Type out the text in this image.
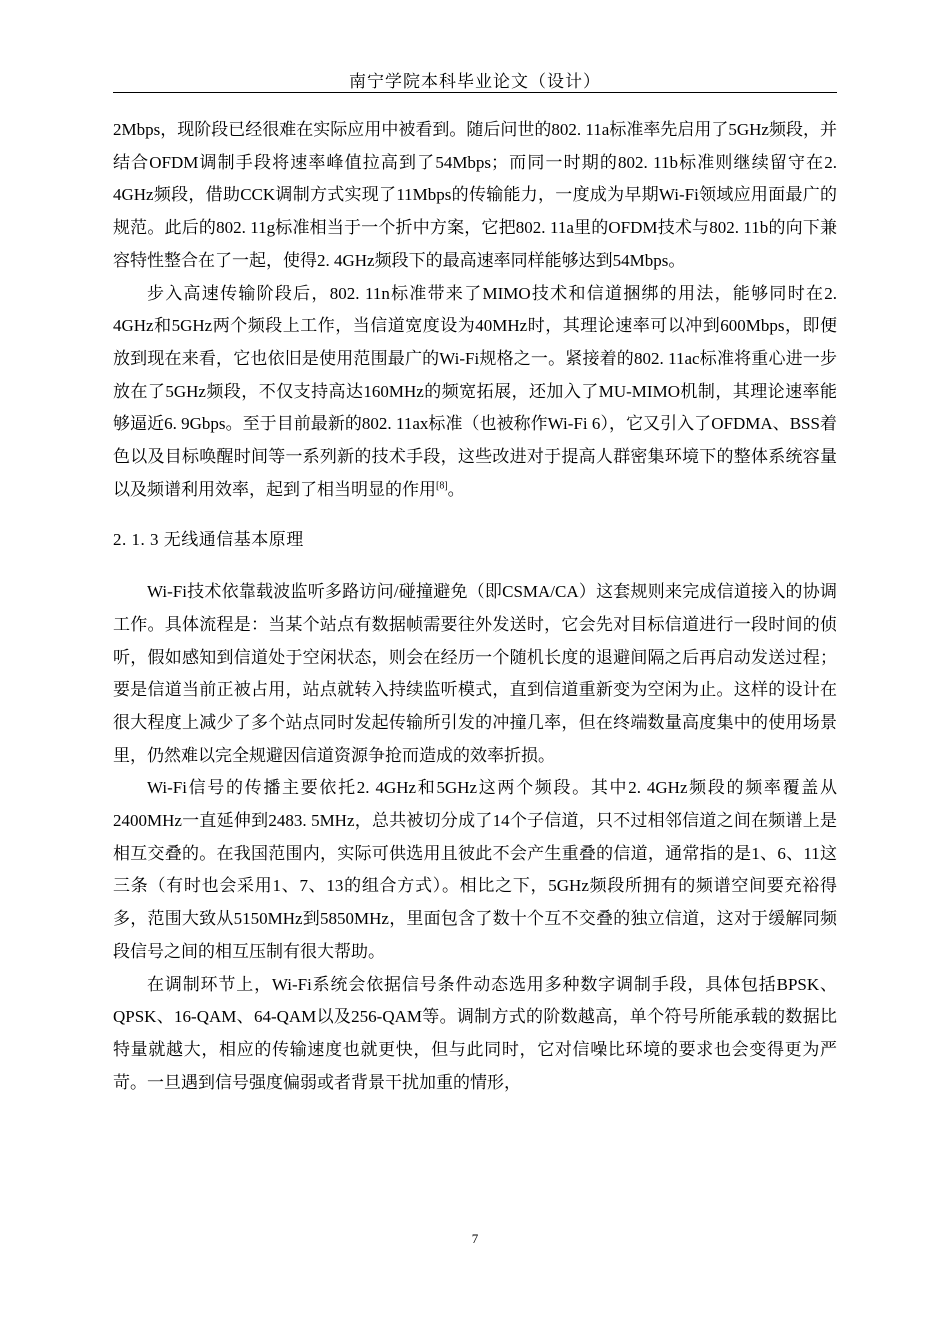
南宁学院本科毕业论文（设计）

2Mbps，现阶段已经很难在实际应用中被看到。随后问世的802. 11a标准率先启用了5GHz频段，并结合OFDM调制手段将速率峰值拉高到了54Mbps；而同一时期的802. 11b标准则继续留守在2. 4GHz频段，借助CCK调制方式实现了11Mbps的传输能力，一度成为早期Wi-Fi领域应用面最广的规范。此后的802. 11g标准相当于一个折中方案，它把802. 11a里的OFDM技术与802. 11b的向下兼容特性整合在了一起，使得2. 4GHz频段下的最高速率同样能够达到54Mbps。

步入高速传输阶段后，802. 11n标准带来了MIMO技术和信道捆绑的用法，能够同时在2. 4GHz和5GHz两个频段上工作，当信道宽度设为40MHz时，其理论速率可以冲到600Mbps，即便放到现在来看，它也依旧是使用范围最广的Wi-Fi规格之一。紧接着的802. 11ac标准将重心进一步放在了5GHz频段，不仅支持高达160MHz的频宽拓展，还加入了MU-MIMO机制，其理论速率能够逼近6. 9Gbps。至于目前最新的802. 11ax标准（也被称作Wi-Fi 6），它又引入了OFDMA、BSS着色以及目标唤醒时间等一系列新的技术手段，这些改进对于提高人群密集环境下的整体系统容量以及频谱利用效率，起到了相当明显的作用[8]。

2. 1. 3 无线通信基本原理

Wi-Fi技术依靠载波监听多路访问/碰撞避免（即CSMA/CA）这套规则来完成信道接入的协调工作。具体流程是：当某个站点有数据帧需要往外发送时，它会先对目标信道进行一段时间的侦听，假如感知到信道处于空闲状态，则会在经历一个随机长度的退避间隔之后再启动发送过程；要是信道当前正被占用，站点就转入持续监听模式，直到信道重新变为空闲为止。这样的设计在很大程度上减少了多个站点同时发起传输所引发的冲撞几率，但在终端数量高度集中的使用场景里，仍然难以完全规避因信道资源争抢而造成的效率折损。

Wi-Fi信号的传播主要依托2. 4GHz和5GHz这两个频段。其中2. 4GHz频段的频率覆盖从2400MHz一直延伸到2483. 5MHz，总共被切分成了14个子信道，只不过相邻信道之间在频谱上是相互交叠的。在我国范围内，实际可供选用且彼此不会产生重叠的信道，通常指的是1、6、11这三条（有时也会采用1、7、13的组合方式）。相比之下，5GHz频段所拥有的频谱空间要充裕得多，范围大致从5150MHz到5850MHz，里面包含了数十个互不交叠的独立信道，这对于缓解同频段信号之间的相互压制有很大帮助。

在调制环节上，Wi-Fi系统会依据信号条件动态选用多种数字调制手段，具体包括BPSK、QPSK、16-QAM、64-QAM以及256-QAM等。调制方式的阶数越高，单个符号所能承载的数据比特量就越大，相应的传输速度也就更快，但与此同时，它对信噪比环境的要求也会变得更为严苛。一旦遇到信号强度偏弱或者背景干扰加重的情形，

7
